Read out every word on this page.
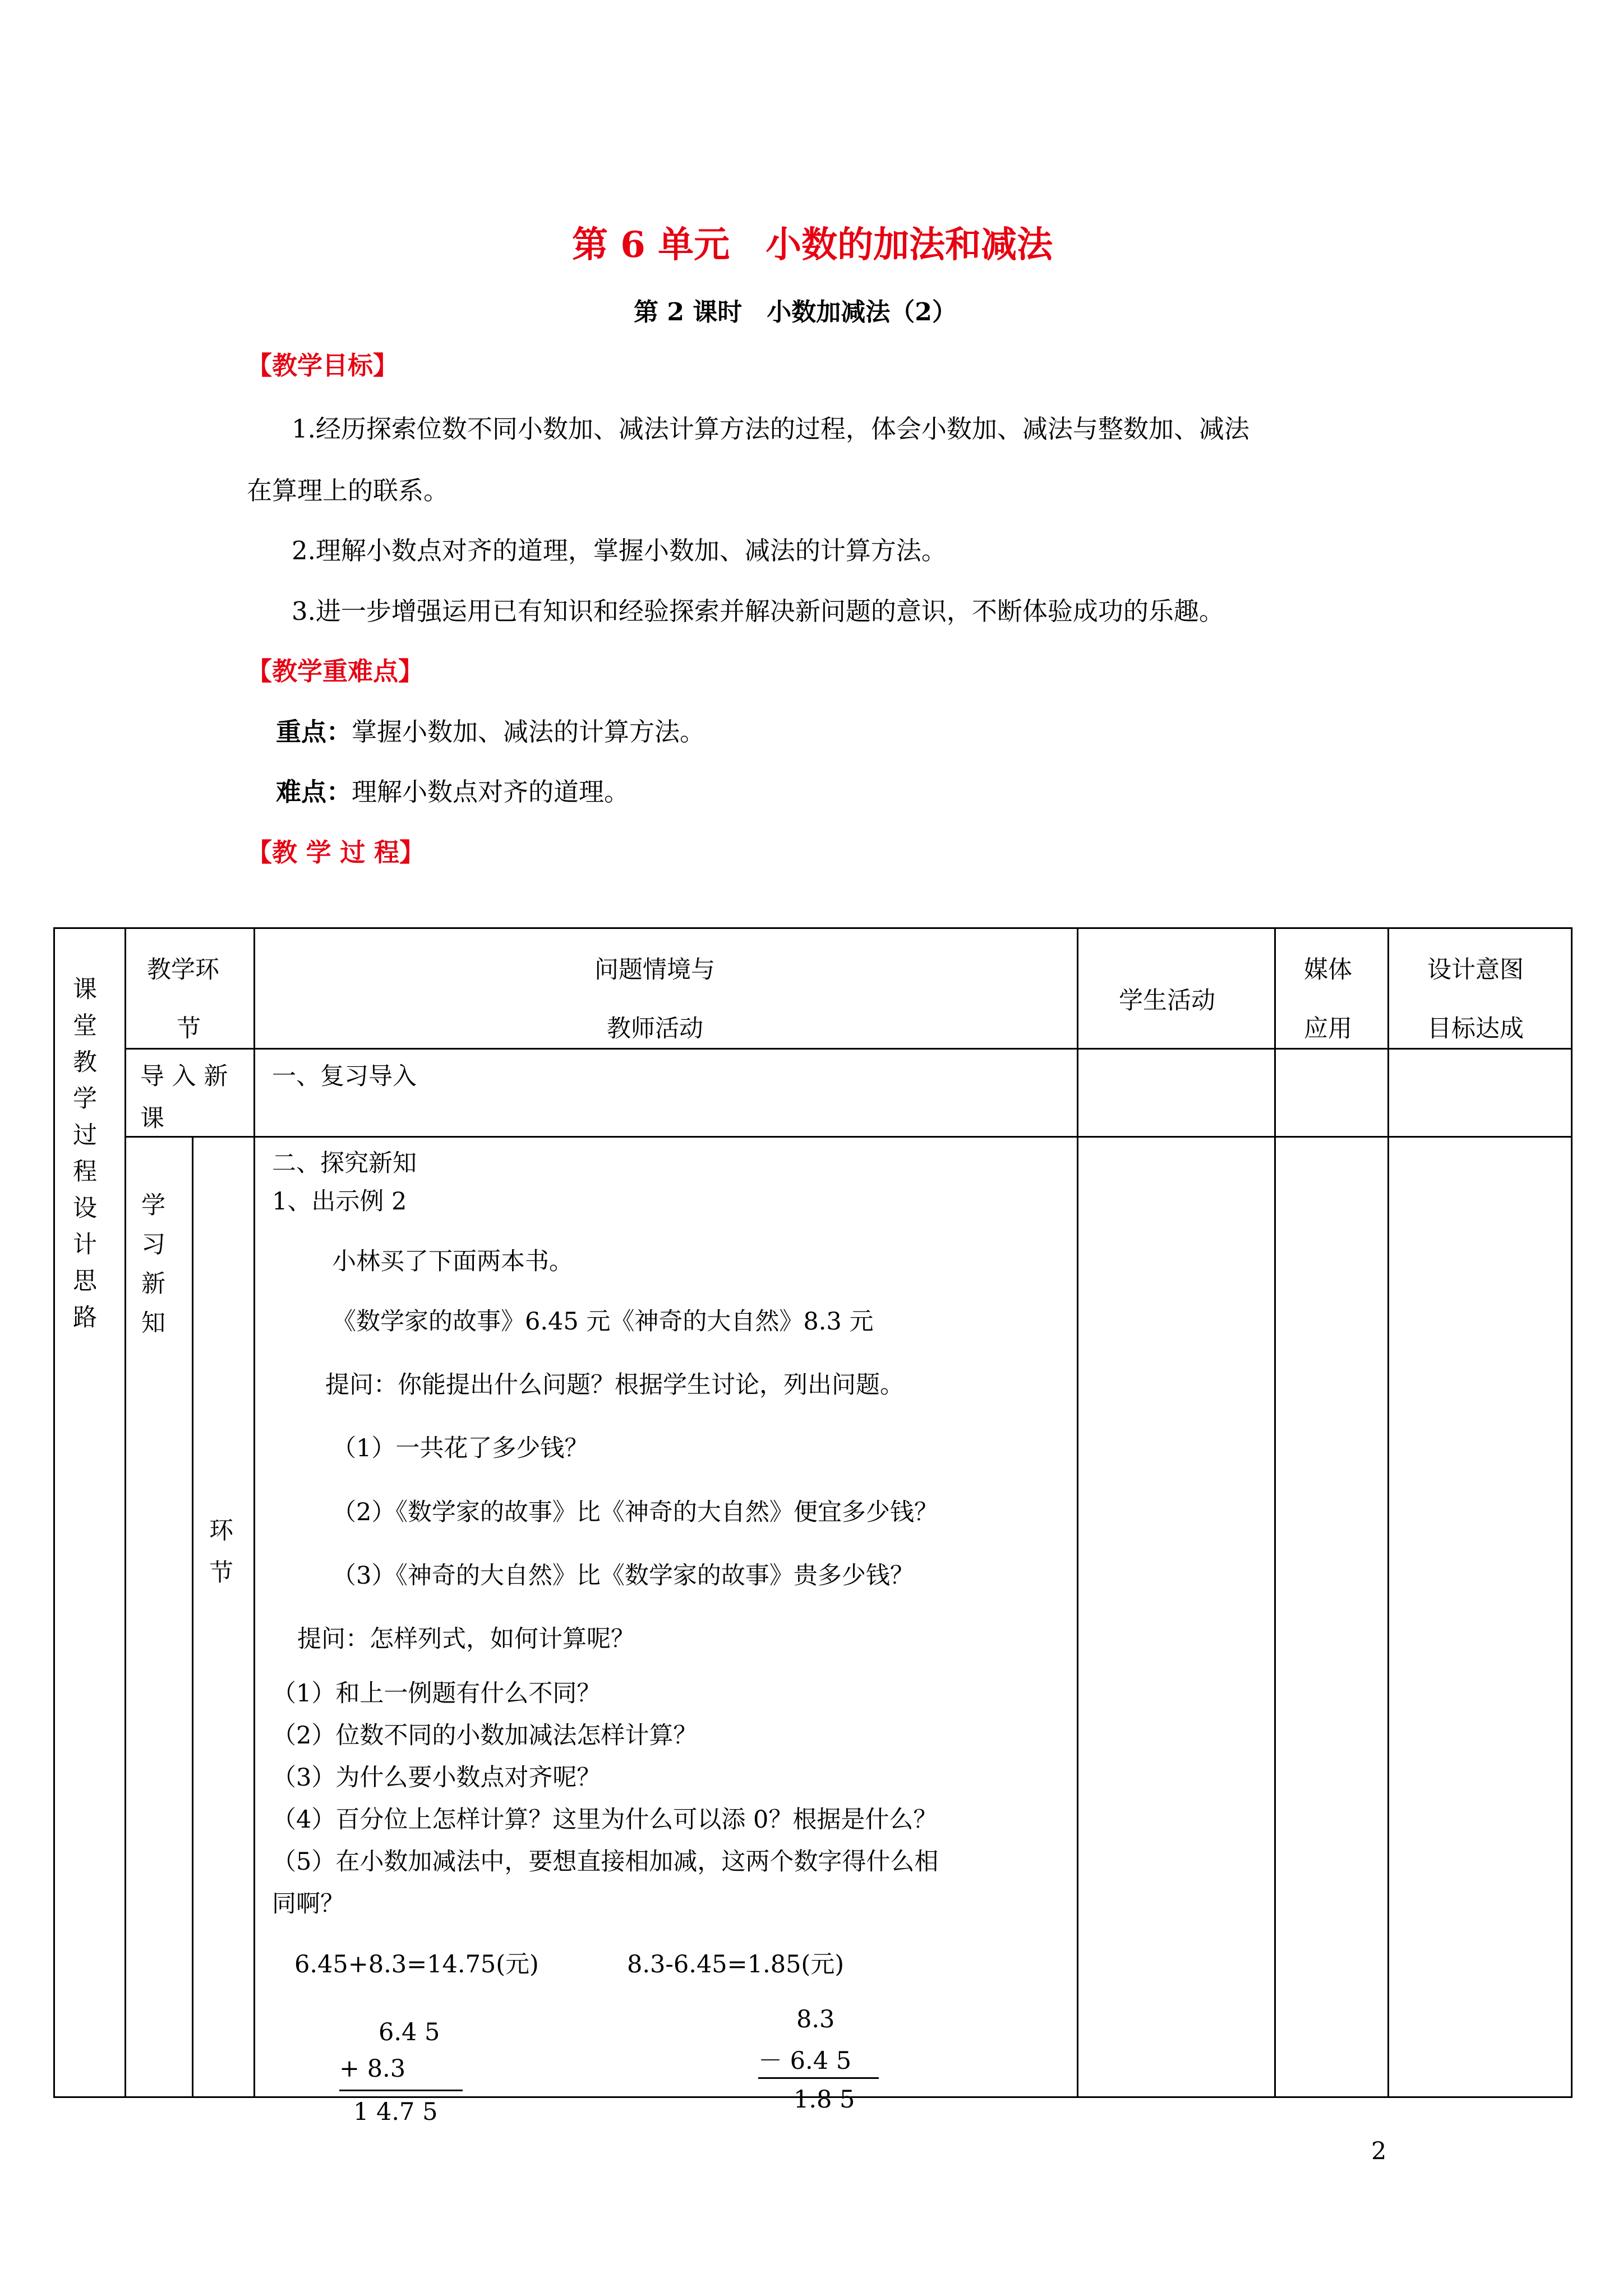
第 6 单元　小数的加法和减法
第 2 课时　小数加减法（2）
【教学目标】
1.经历探索位数不同小数加、减法计算方法的过程，体会小数加、减法与整数加、减法
在算理上的联系。
2.理解小数点对齐的道理，掌握小数加、减法的计算方法。
3.进一步增强运用已有知识和经验探索并解决新问题的意识，不断体验成功的乐趣。
【教学重难点】
重点：掌握小数加、减法的计算方法。
难点：理解小数点对齐的道理。
【教 学 过 程】
课
堂
教
学
过
程
设
计
思
路
教学环
节
问题情境与
教师活动
学生活动
媒体
应用
设计意图
目标达成
导 入 新
课
一、复习导入
学
习
新
知
环
节
二、探究新知
1、出示例 2
小林买了下面两本书。
《数学家的故事》6.45 元《神奇的大自然》8.3 元
提问：你能提出什么问题？根据学生讨论，列出问题。
（1）一共花了多少钱？
（2）《数学家的故事》比《神奇的大自然》便宜多少钱？
（3）《神奇的大自然》比《数学家的故事》贵多少钱？
提问：怎样列式，如何计算呢？
（1）和上一例题有什么不同？
（2）位数不同的小数加减法怎样计算？
（3）为什么要小数点对齐呢？
（4）百分位上怎样计算？这里为什么可以添 0？根据是什么？
（5）在小数加减法中，要想直接相加减，这两个数字得什么相
同啊？
6.45+8.3=14.75(元)	8.3-6.45=1.85(元)
6.4 5
+ 8.3
1 4.7 5
8.3
－ 6.4 5
1.8 5
2
